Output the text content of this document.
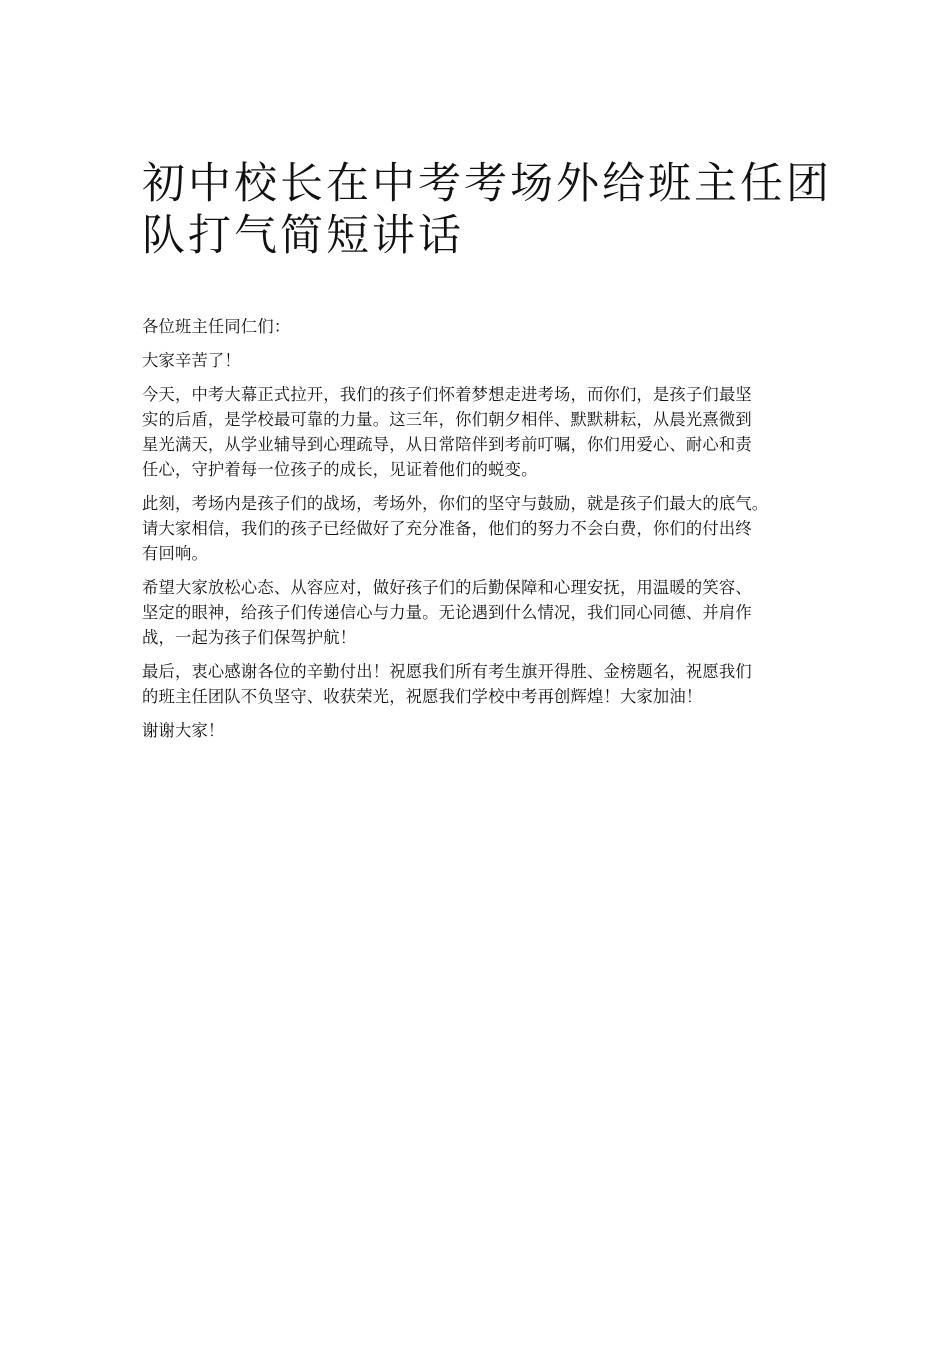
初中校长在中考考场外给班主任团
队打气简短讲话

各位班主任同仁们：

大家辛苦了！

今天，中考大幕正式拉开，我们的孩子们怀着梦想走进考场，而你们，是孩子们最坚
实的后盾，是学校最可靠的力量。这三年，你们朝夕相伴、默默耕耘，从晨光熹微到
星光满天，从学业辅导到心理疏导，从日常陪伴到考前叮嘱，你们用爱心、耐心和责
任心，守护着每一位孩子的成长，见证着他们的蜕变。

此刻，考场内是孩子们的战场，考场外，你们的坚守与鼓励，就是孩子们最大的底气。
请大家相信，我们的孩子已经做好了充分准备，他们的努力不会白费，你们的付出终
有回响。

希望大家放松心态、从容应对，做好孩子们的后勤保障和心理安抚，用温暖的笑容、
坚定的眼神，给孩子们传递信心与力量。无论遇到什么情况，我们同心同德、并肩作
战，一起为孩子们保驾护航！

最后，衷心感谢各位的辛勤付出！祝愿我们所有考生旗开得胜、金榜题名，祝愿我们
的班主任团队不负坚守、收获荣光，祝愿我们学校中考再创辉煌！大家加油！

谢谢大家！
